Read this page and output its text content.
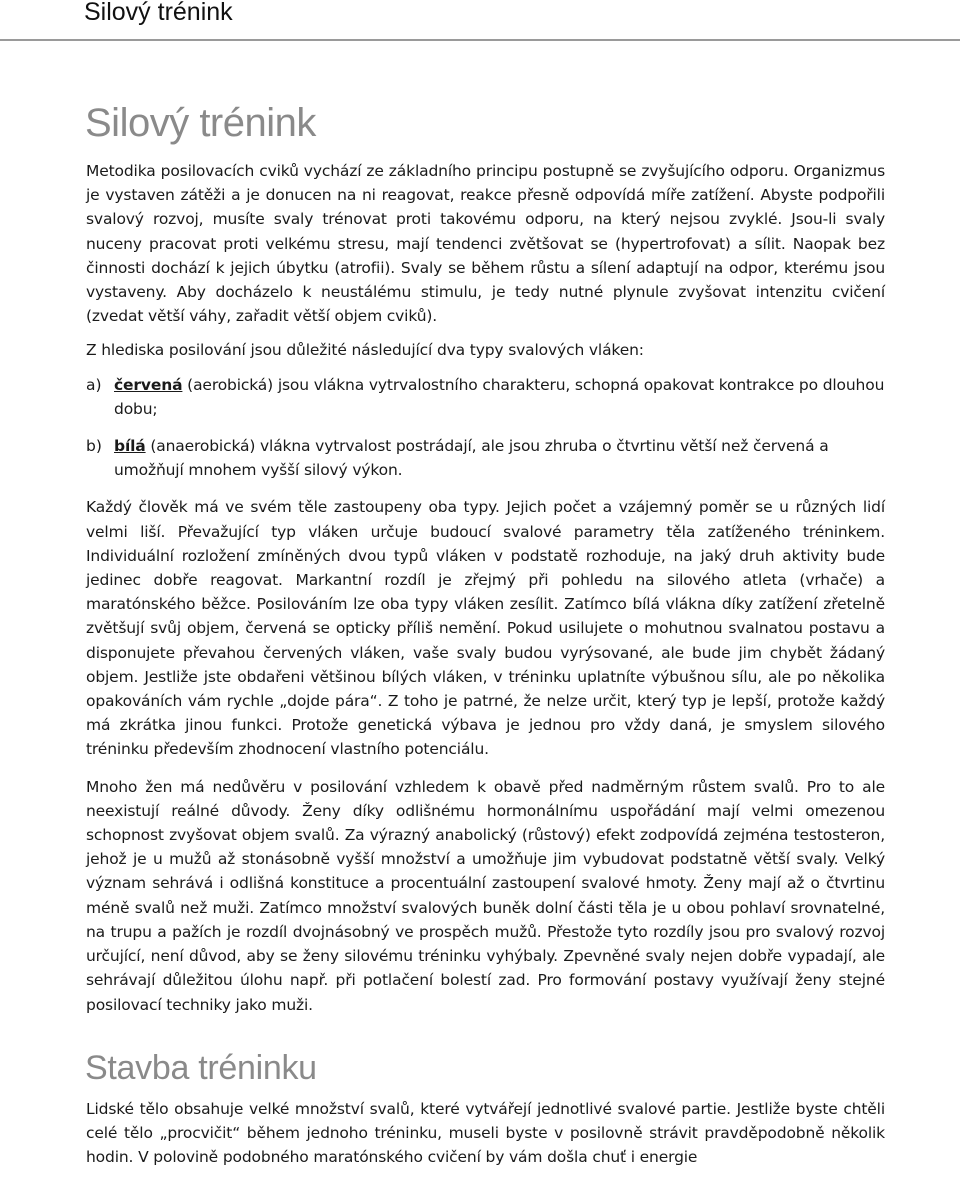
Silový trénink
Silový trénink

Metodika posilovacích cviků vychází ze základního principu postupně se zvyšujícího odporu. Organizmus je vystaven zátěži a je donucen na ni reagovat, reakce přesně odpovídá míře zatížení. Abyste podpořili svalový rozvoj, musíte svaly trénovat proti takovému odporu, na který nejsou zvyklé. Jsou-li svaly nuceny pracovat proti velkému stresu, mají tendenci zvětšovat se (hypertrofovat) a sílit. Naopak bez činnosti dochází k jejich úbytku (atrofii). Svaly se během růstu a sílení adaptují na odpor, kterému jsou vystaveny. Aby docházelo k neustálému stimulu, je tedy nutné plynule zvyšovat intenzitu cvičení (zvedat větší váhy, zařadit větší objem cviků).

Z hlediska posilování jsou důležité následující dva typy svalových vláken:

a) červená (aerobická) jsou vlákna vytrvalostního charakteru, schopná opakovat kontrakce po dlouhou dobu;
b) bílá (anaerobická) vlákna vytrvalost postrádají, ale jsou zhruba o čtvrtinu větší než červená a umožňují mnohem vyšší silový výkon.

Každý člověk má ve svém těle zastoupeny oba typy. Jejich počet a vzájemný poměr se u různých lidí velmi liší. Převažující typ vláken určuje budoucí svalové parametry těla zatíženého tréninkem. Individuální rozložení zmíněných dvou typů vláken v podstatě rozhoduje, na jaký druh aktivity bude jedinec dobře reagovat. Markantní rozdíl je zřejmý při pohledu na silového atleta (vrhače) a maratónského běžce. Posilováním lze oba typy vláken zesílit. Zatímco bílá vlákna díky zatížení zřetelně zvětšují svůj objem, červená se opticky příliš nemění. Pokud usilujete o mohutnou svalnatou postavu a disponujete převahou červených vláken, vaše svaly budou vyrýsované, ale bude jim chybět žádaný objem. Jestliže jste obdařeni většinou bílých vláken, v tréninku uplatníte výbušnou sílu, ale po několika opakováních vám rychle „dojde pára“. Z toho je patrné, že nelze určit, který typ je lepší, protože každý má zkrátka jinou funkci. Protože genetická výbava je jednou pro vždy daná, je smyslem silového tréninku především zhodnocení vlastního potenciálu.

Mnoho žen má nedůvěru v posilování vzhledem k obavě před nadměrným růstem svalů. Pro to ale neexistují reálné důvody. Ženy díky odlišnému hormonálnímu uspořádání mají velmi omezenou schopnost zvyšovat objem svalů. Za výrazný anabolický (růstový) efekt zodpovídá zejména testosteron, jehož je u mužů až stonásobně vyšší množství a umožňuje jim vybudovat podstatně větší svaly. Velký význam sehrává i odlišná konstituce a procentuální zastoupení svalové hmoty. Ženy mají až o čtvrtinu méně svalů než muži. Zatímco množství svalových buněk dolní části těla je u obou pohlaví srovnatelné, na trupu a pažích je rozdíl dvojnásobný ve prospěch mužů. Přestože tyto rozdíly jsou pro svalový rozvoj určující, není důvod, aby se ženy silovému tréninku vyhýbaly. Zpevněné svaly nejen dobře vypadají, ale sehrávají důležitou úlohu např. při potlačení bolestí zad. Pro formování postavy využívají ženy stejné posilovací techniky jako muži.

Stavba tréninku

Lidské tělo obsahuje velké množství svalů, které vytvářejí jednotlivé svalové partie. Jestliže byste chtěli celé tělo „procvičit“ během jednoho tréninku, museli byste v posilovně strávit pravděpodobně několik hodin. V polovině podobného maratónského cvičení by vám došla chuť i energie
